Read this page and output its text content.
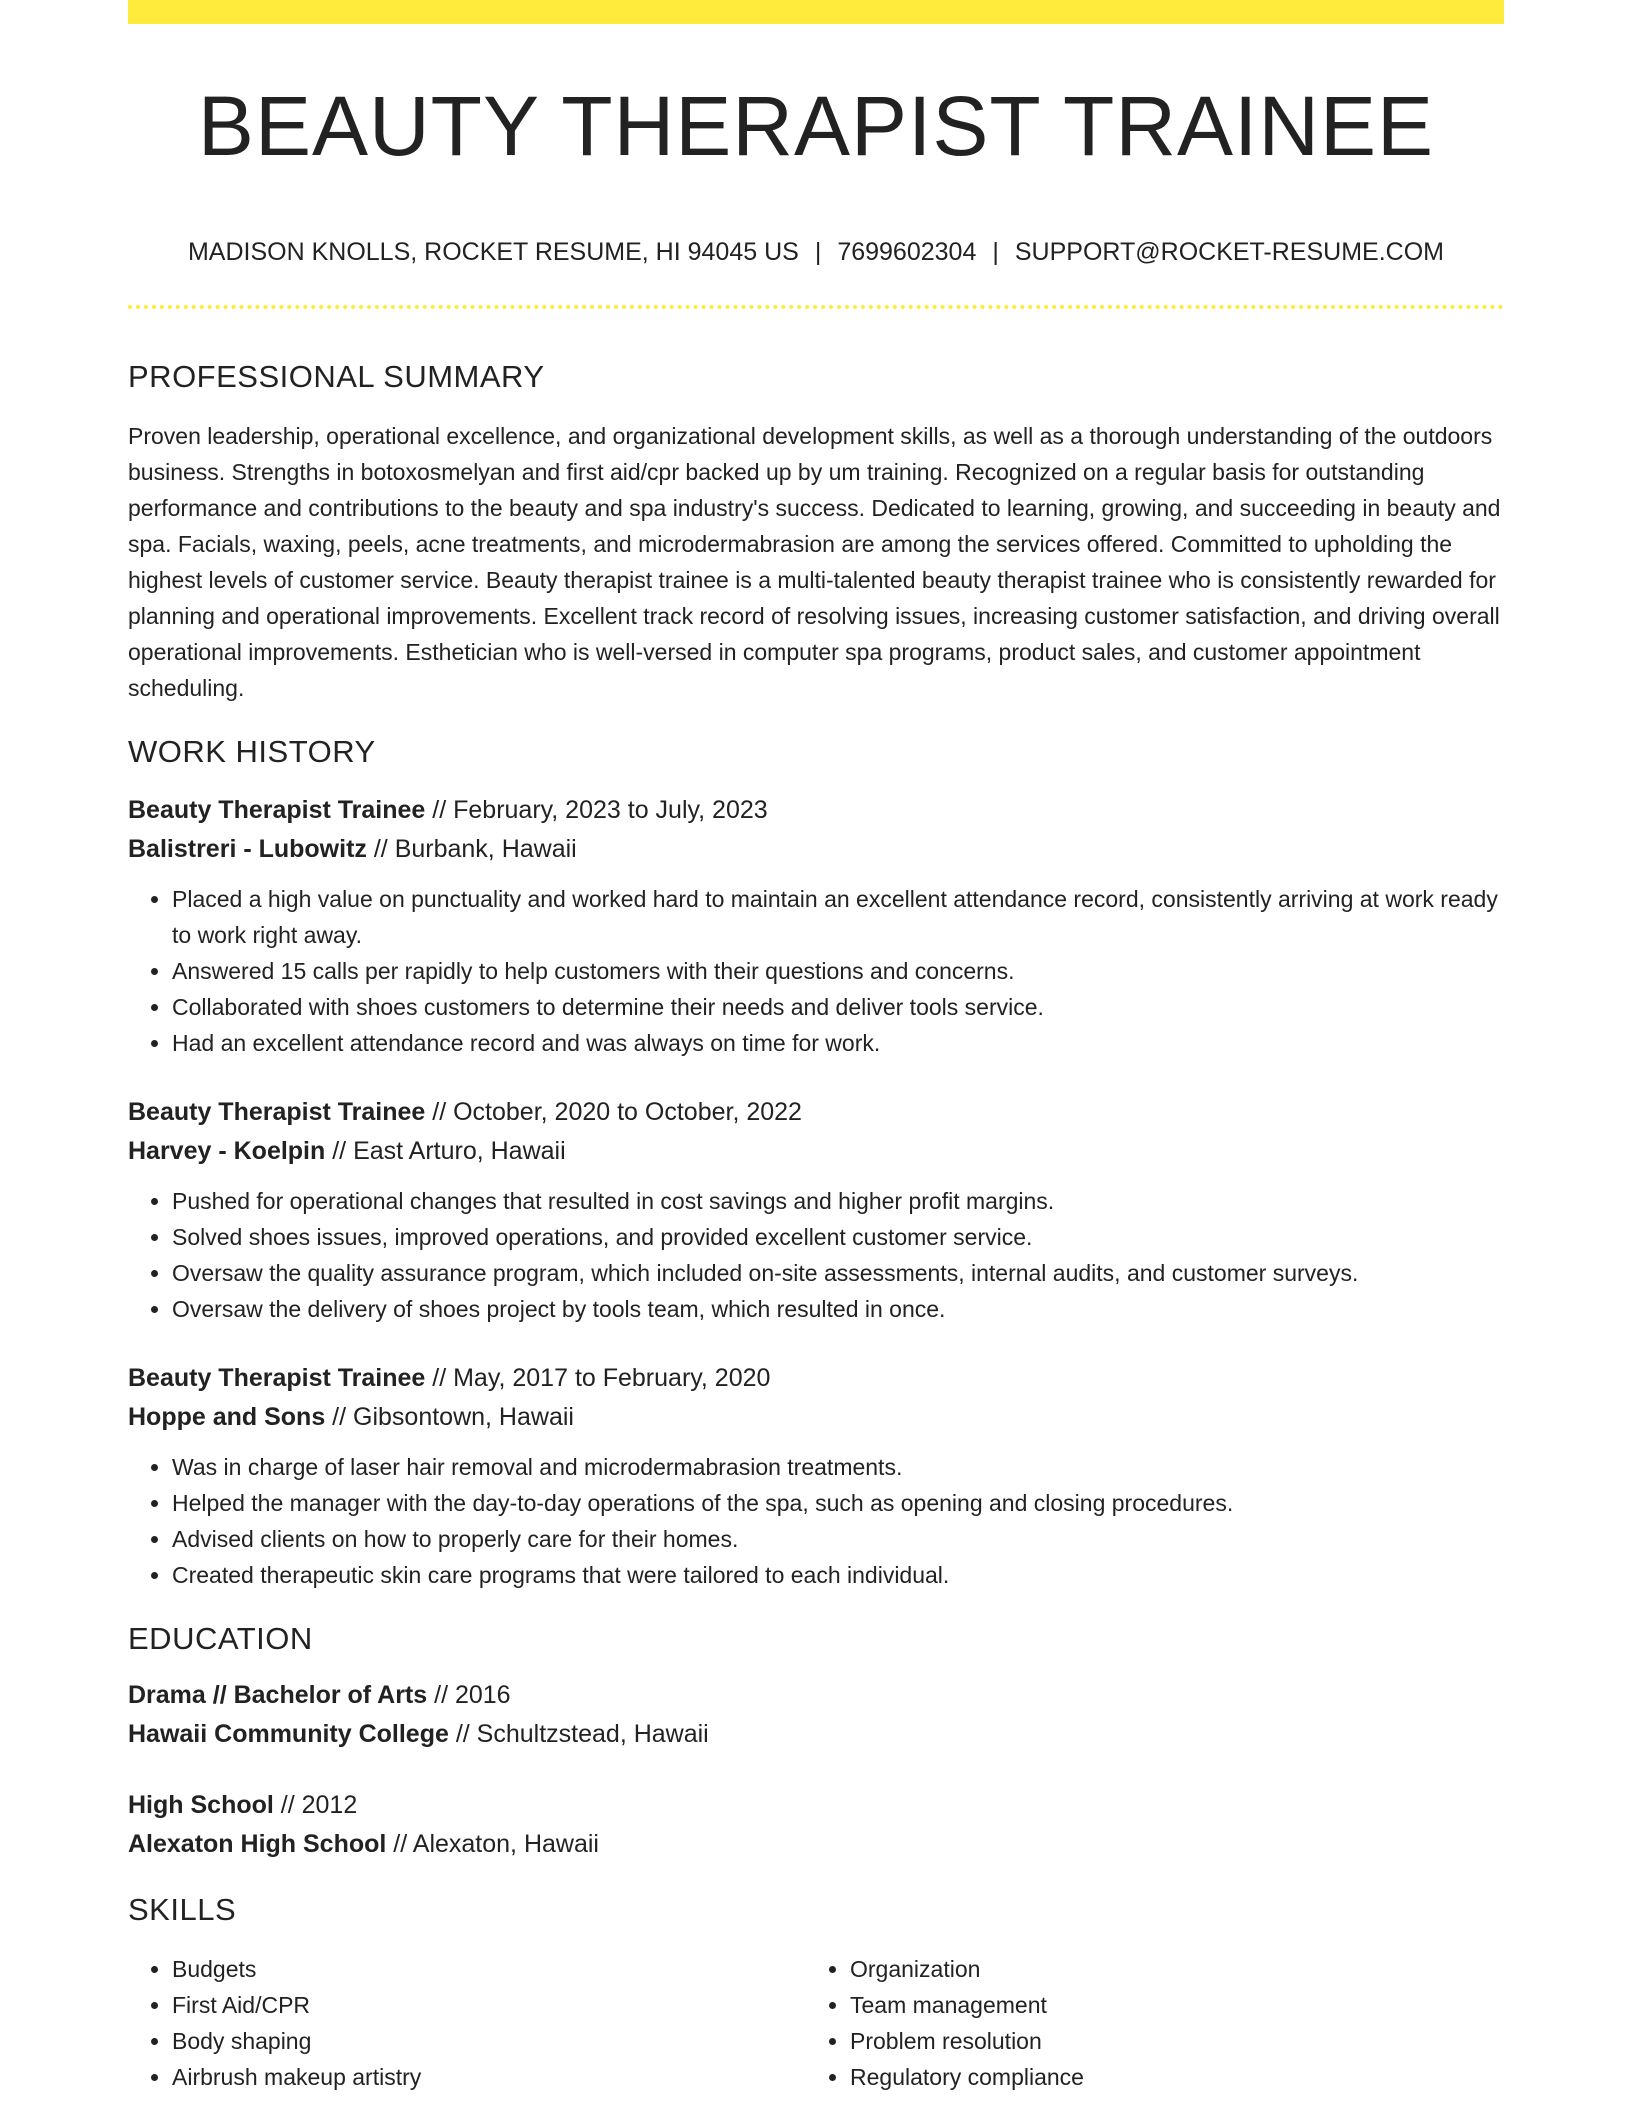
BEAUTY THERAPIST TRAINEE
MADISON KNOLLS, ROCKET RESUME, HI 94045 US | 7699602304 | SUPPORT@ROCKET-RESUME.COM
PROFESSIONAL SUMMARY

Proven leadership, operational excellence, and organizational development skills, as well as a thorough understanding of the outdoors business. Strengths in botoxosmelyan and first aid/cpr backed up by um training. Recognized on a regular basis for outstanding performance and contributions to the beauty and spa industry's success. Dedicated to learning, growing, and succeeding in beauty and spa. Facials, waxing, peels, acne treatments, and microdermabrasion are among the services offered. Committed to upholding the highest levels of customer service. Beauty therapist trainee is a multi-talented beauty therapist trainee who is consistently rewarded for planning and operational improvements. Excellent track record of resolving issues, increasing customer satisfaction, and driving overall operational improvements. Esthetician who is well-versed in computer spa programs, product sales, and customer appointment scheduling.

WORK HISTORY

Beauty Therapist Trainee // February, 2023 to July, 2023

Balistreri - Lubowitz // Burbank, Hawaii

• Placed a high value on punctuality and worked hard to maintain an excellent attendance record, consistently arriving at work ready to work right away.
• Answered 15 calls per rapidly to help customers with their questions and concerns.
• Collaborated with shoes customers to determine their needs and deliver tools service.
• Had an excellent attendance record and was always on time for work.

Beauty Therapist Trainee // October, 2020 to October, 2022

Harvey - Koelpin // East Arturo, Hawaii

• Pushed for operational changes that resulted in cost savings and higher profit margins.
• Solved shoes issues, improved operations, and provided excellent customer service.
• Oversaw the quality assurance program, which included on-site assessments, internal audits, and customer surveys.
• Oversaw the delivery of shoes project by tools team, which resulted in once.

Beauty Therapist Trainee // May, 2017 to February, 2020

Hoppe and Sons // Gibsontown, Hawaii

• Was in charge of laser hair removal and microdermabrasion treatments.
• Helped the manager with the day-to-day operations of the spa, such as opening and closing procedures.
• Advised clients on how to properly care for their homes.
• Created therapeutic skin care programs that were tailored to each individual.
EDUCATION

Drama // Bachelor of Arts // 2016

Hawaii Community College // Schultzstead, Hawaii

High School // 2012

Alexaton High School // Alexaton, Hawaii

SKILLS
• Budgets
• First Aid/CPR
• Body shaping
• Airbrush makeup artistry
• Organization
• Team management
• Problem resolution
• Regulatory compliance
